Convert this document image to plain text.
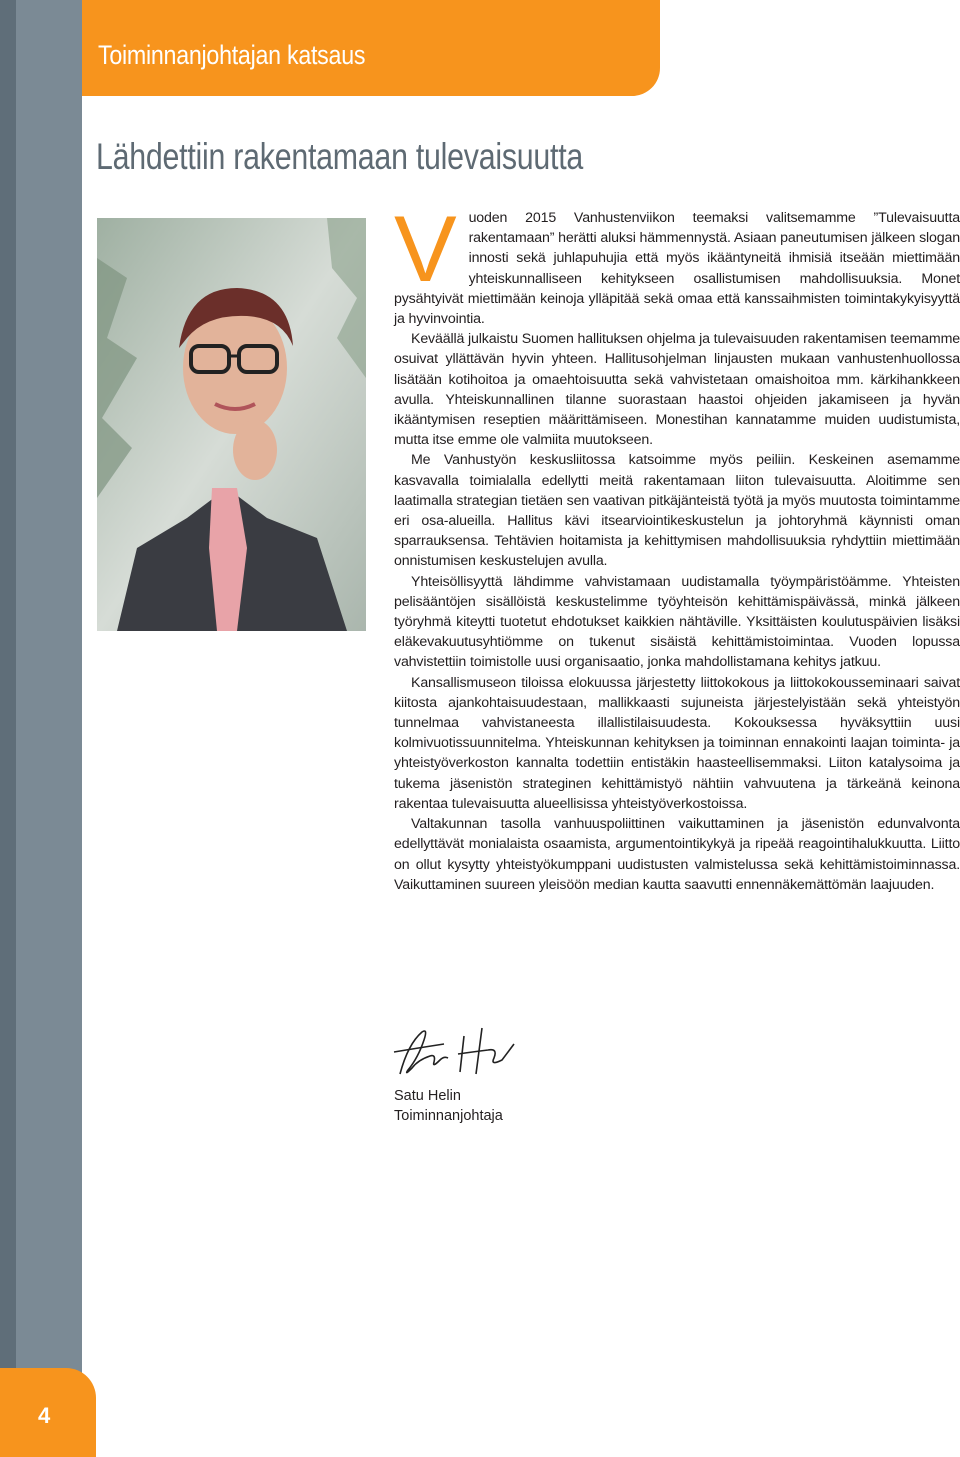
Toiminnanjohtajan katsaus
Lähdettiin rakentamaan tulevaisuutta

Vuoden 2015 Vanhustenviikon teemaksi valitsemamme ”Tulevaisuutta rakentamaan” herätti aluksi hämmennystä. Asiaan paneutumisen jälkeen slogan innosti sekä juhlapuhujia että myös ikääntyneitä ihmisiä itseään miettimään yhteiskunnalliseen kehitykseen osallistumisen mahdollisuuksia. Monet pysähtyivät miettimään keinoja ylläpitää sekä omaa että kanssaihmisten toimintakykyisyyttä ja hyvinvointia.

Keväällä julkaistu Suomen hallituksen ohjelma ja tulevaisuuden rakentamisen teemamme osuivat yllättävän hyvin yhteen. Hallitusohjelman linjausten mukaan vanhustenhuollossa lisätään kotihoitoa ja omaehtoisuutta sekä vahvistetaan omaishoitoa mm. kärkihankkeen avulla. Yhteiskunnallinen tilanne suorastaan haastoi ohjeiden jakamiseen ja hyvän ikääntymisen reseptien määrittämiseen. Monestihan kannatamme muiden uudistumista, mutta itse emme ole valmiita muutokseen.

Me Vanhustyön keskusliitossa katsoimme myös peiliin. Keskeinen asemamme kasvavalla toimialalla edellytti meitä rakentamaan liiton tulevaisuutta. Aloitimme sen laatimalla strategian tietäen sen vaativan pitkäjänteistä työtä ja myös muutosta toimintamme eri osa-alueilla. Hallitus kävi itsearviointikeskustelun ja johtoryhmä käynnisti oman sparrauksensa. Tehtävien hoitamista ja kehittymisen mahdollisuuksia ryhdyttiin miettimään onnistumisen keskustelujen avulla.

Yhteisöllisyyttä lähdimme vahvistamaan uudistamalla työympäristöämme. Yhteisten pelisääntöjen sisällöistä keskustelimme työyhteisön kehittämispäivässä, minkä jälkeen työryhmä kiteytti tuotetut ehdotukset kaikkien nähtäville. Yksittäisten koulutuspäivien lisäksi eläkevakuutusyhtiömme on tukenut sisäistä kehittämistoimintaa. Vuoden lopussa vahvistettiin toimistolle uusi organisaatio, jonka mahdollistamana kehitys jatkuu.

Kansallismuseon tiloissa elokuussa järjestetty liittokokous ja liittokokousseminaari saivat kiitosta ajankohtaisuudestaan, mallikkaasti sujuneista järjestelyistään sekä yhteistyön tunnelmaa vahvistaneesta illallistilaisuudesta. Kokouksessa hyväksyttiin uusi kolmivuotissuunnitelma. Yhteiskunnan kehityksen ja toiminnan ennakointi laajan toiminta- ja yhteistyöverkoston kannalta todettiin entistäkin haasteellisemmaksi. Liiton katalysoima ja tukema jäsenistön strateginen kehittämistyö nähtiin vahvuutena ja tärkeänä keinona rakentaa tulevaisuutta alueellisissa yhteistyöverkostoissa.

Valtakunnan tasolla vanhuuspoliittinen vaikuttaminen ja jäsenistön edunvalvonta edellyttävät monialaista osaamista, argumentointikykyä ja ripeää reagointihalukkuutta. Liitto on ollut kysytty yhteistyökumppani uudistusten valmistelussa sekä kehittämistoiminnassa. Vaikuttaminen suureen yleisöön median kautta saavutti ennennäkemättömän laajuuden.

Satu Helin
Toiminnanjohtaja
4
